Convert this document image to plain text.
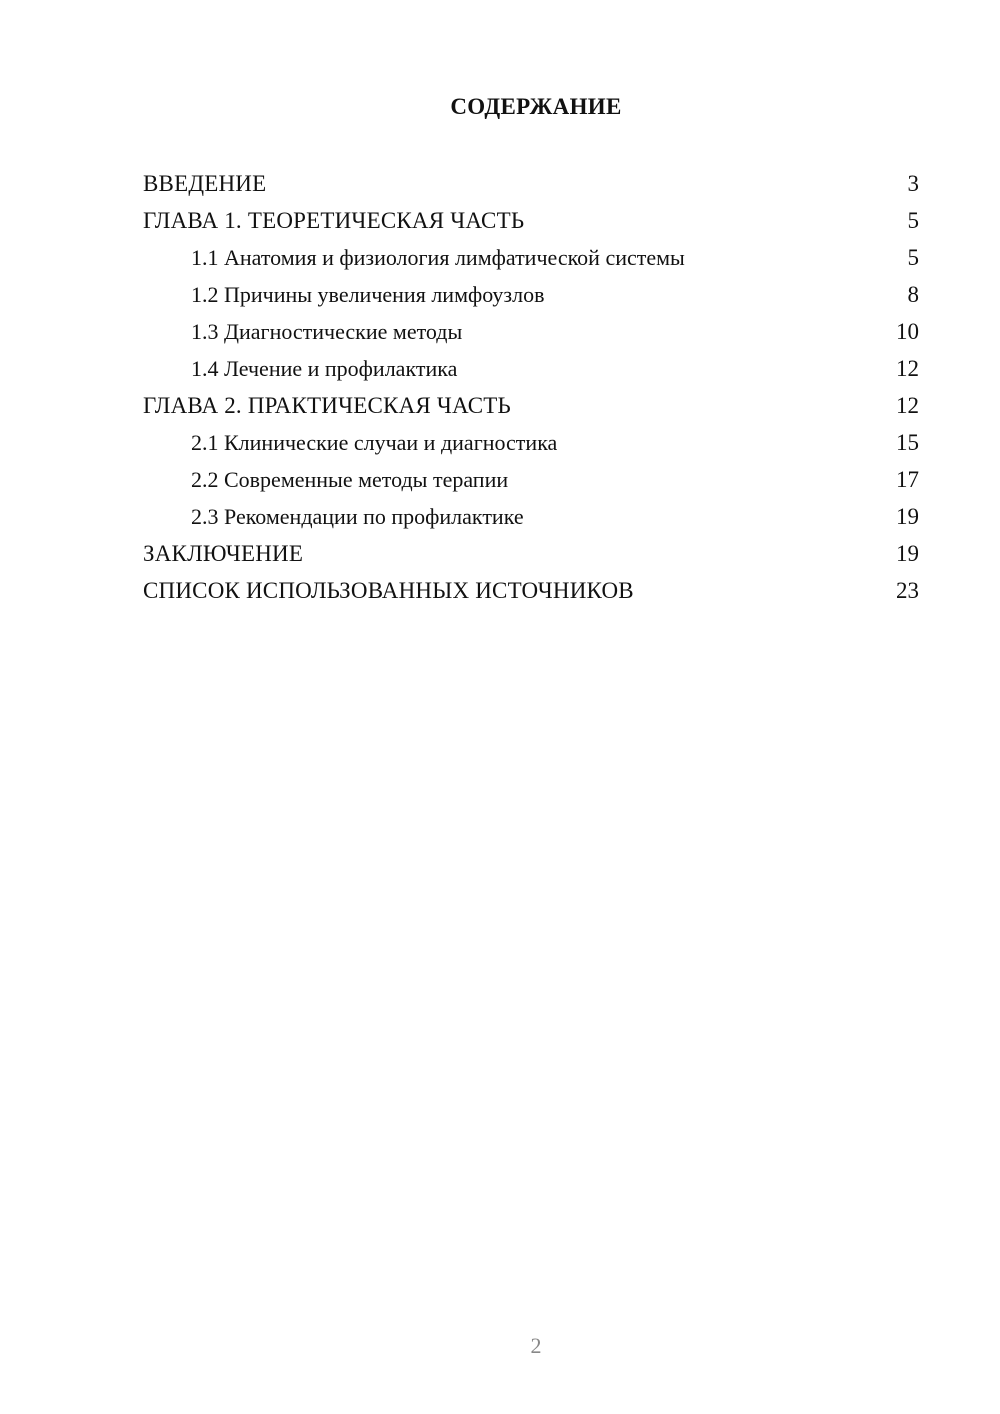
СОДЕРЖАНИЕ
ВВЕДЕНИЕ	3
ГЛАВА 1. ТЕОРЕТИЧЕСКАЯ ЧАСТЬ	5
1.1 Анатомия и физиология лимфатической системы	5
1.2 Причины увеличения лимфоузлов	8
1.3 Диагностические методы	10
1.4 Лечение и профилактика	12
ГЛАВА 2. ПРАКТИЧЕСКАЯ ЧАСТЬ	12
2.1 Клинические случаи и диагностика	15
2.2 Современные методы терапии	17
2.3 Рекомендации по профилактике	19
ЗАКЛЮЧЕНИЕ	19
СПИСОК ИСПОЛЬЗОВАННЫХ ИСТОЧНИКОВ	23
2
